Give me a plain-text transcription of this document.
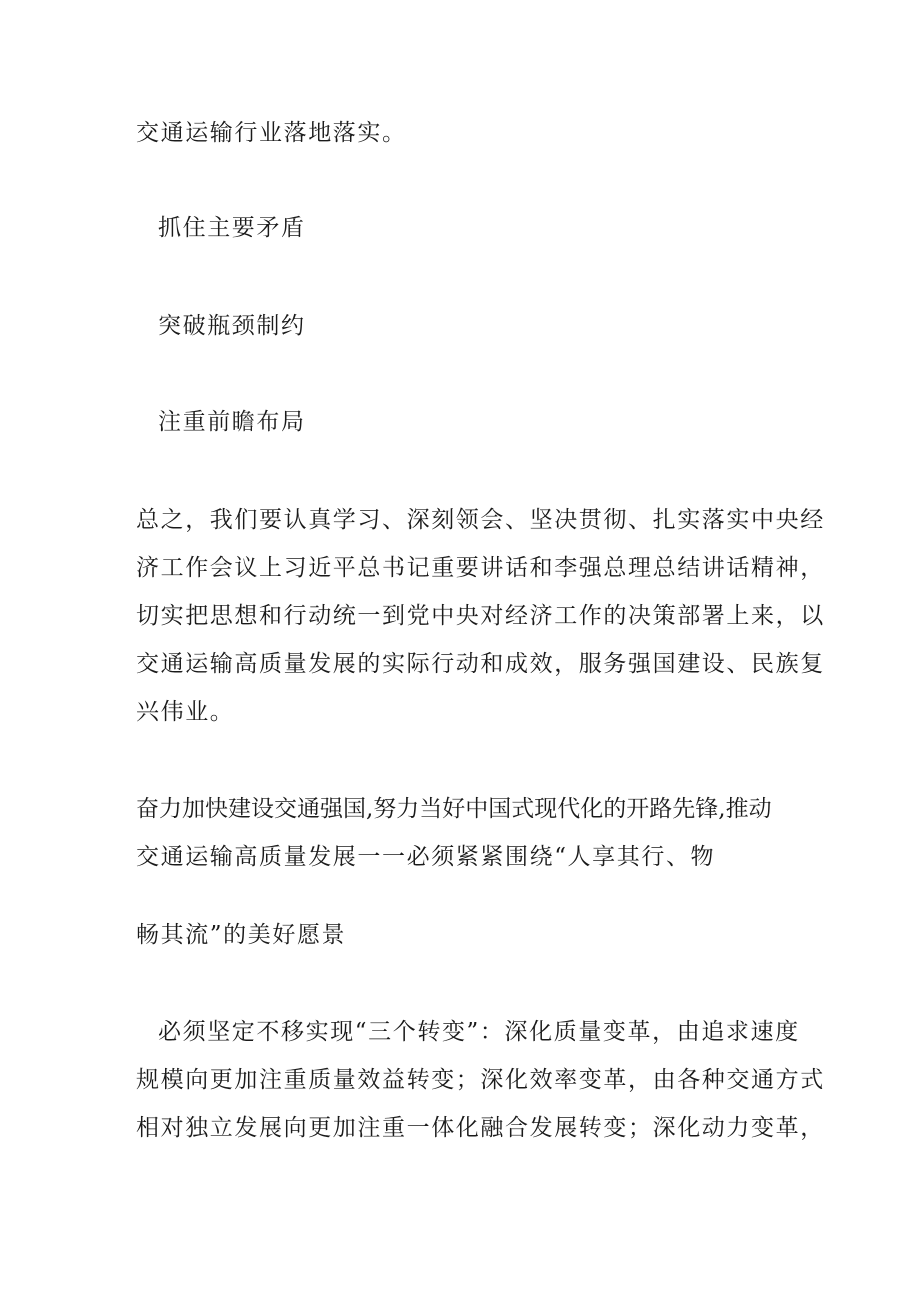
交通运输行业落地落实。
抓住主要矛盾
突破瓶颈制约
注重前瞻布局
总之，我们要认真学习、深刻领会、坚决贯彻、扎实落实中央经
济工作会议上习近平总书记重要讲话和李强总理总结讲话精神，
切实把思想和行动统一到党中央对经济工作的决策部署上来，以
交通运输高质量发展的实际行动和成效，服务强国建设、民族复
兴伟业。
奋力加快建设交通强国,努力当好中国式现代化的开路先锋,推动
交通运输高质量发展一一必须紧紧围绕“人享其行、物
畅其流”的美好愿景
必须坚定不移实现“三个转变”：深化质量变革，由追求速度
规模向更加注重质量效益转变；深化效率变革，由各种交通方式
相对独立发展向更加注重一体化融合发展转变；深化动力变革，
